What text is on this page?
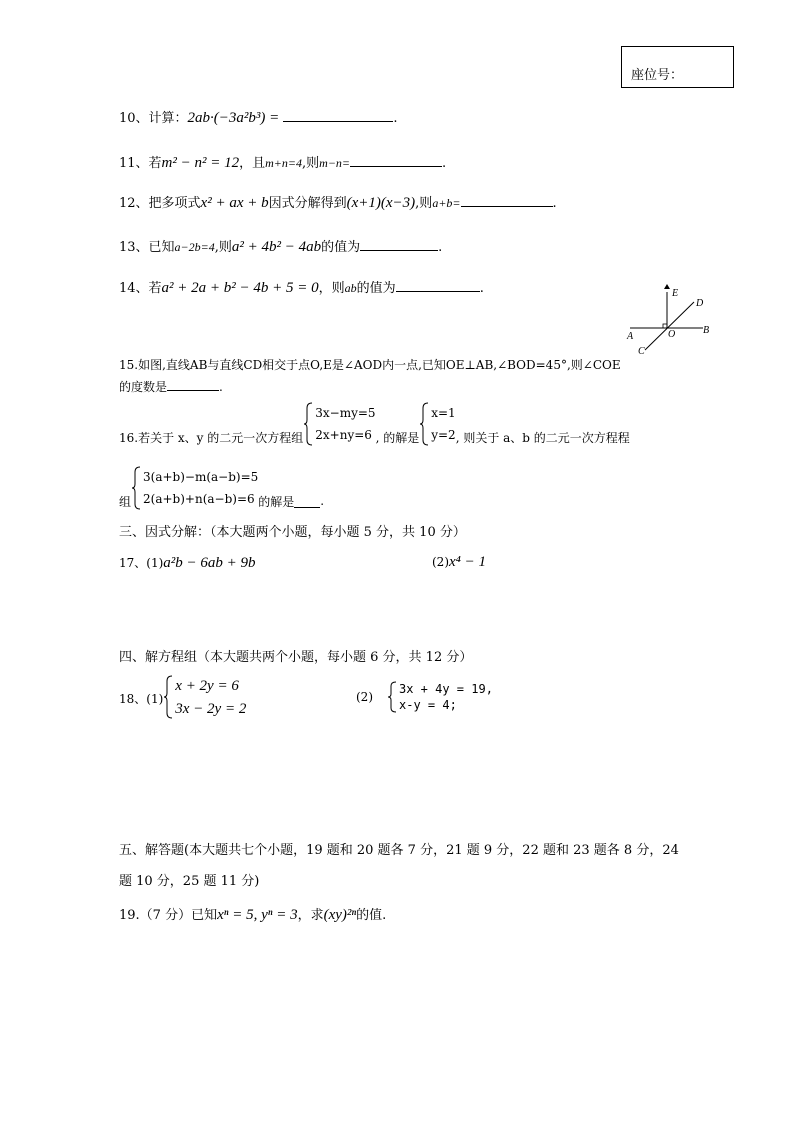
座位号：
10、计算：2ab·(−3a²b³) =	.
11、若m² − n² = 12，且m+n=4,则m−n=	.
12、把多项式x² + ax + b因式分解得到(x+1)(x−3),则a+b=	.
13、已知a−2b=4,则a² + 4b² − 4ab的值为	.
14、若a² + 2a + b² − 4b + 5 = 0，则ab的值为	.	E
D
A	O	B
C
15.如图,直线AB与直线CD相交于点O,E是∠AOD内一点,已知OE⊥AB,∠BOD=45°,则∠COE
的度数是	.
16.若关于 x、y 的二元一次方程组
3x−my=5
2x+ny=6 , 的解是
x=1
y=2 , 则关于 a、b 的二元一次方程程
组
3(a+b)−m(a−b)=5
2(a+b)+n(a−b)=6 的解是 .
三、因式分解：（本大题两个小题，每小题 5 分，共 10 分）
17、(1)a²b − 6ab + 9b	(2)x⁴ − 1
四、解方程组（本大题共两个小题，每小题 6 分，共 12 分）
18、(1)
x + 2y = 6
3x − 2y = 2
(2)
3x + 4y = 19,
x-y = 4;
五、解答题(本大题共七个小题，19 题和 20 题各 7 分，21 题 9 分，22 题和 23 题各 8 分，24
题 10 分，25 题 11 分)
19.（7 分）已知xⁿ = 5, yⁿ = 3，求(xy)²ⁿ的值.
